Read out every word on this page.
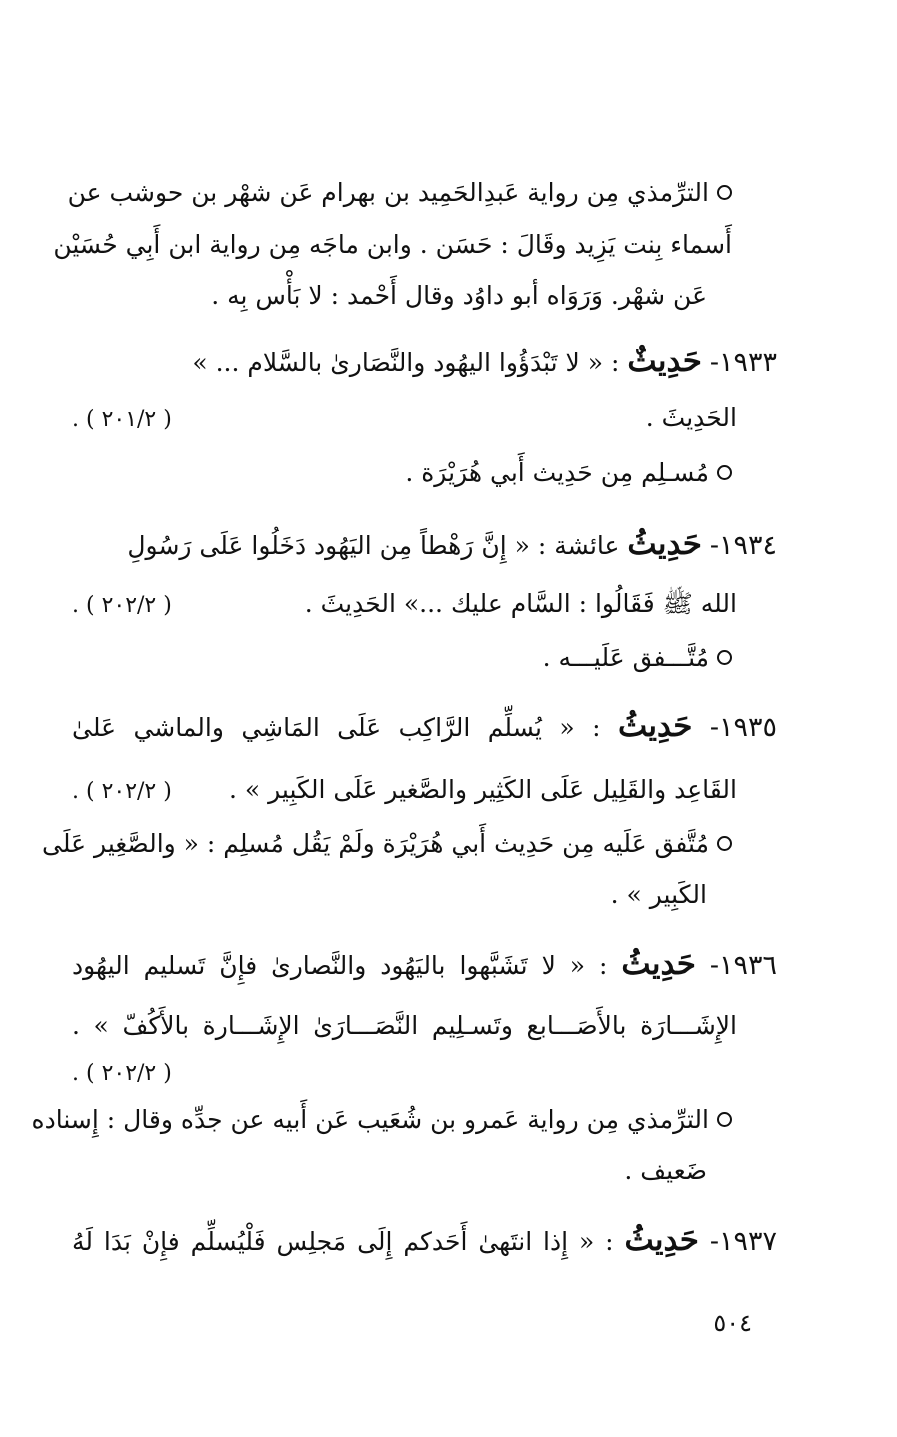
الترِّمذي مِن رواية عَبدِالحَمِيد بن بهرام عَن شهْر بن حوشب عن
أَسماء بِنت يَزِيد وقَالَ : حَسَن . وابن ماجَه مِن رواية ابن أَبِي حُسَيْن
عَن شهْر. وَرَوَاه أبو داوُد وقال أَحْمد : لا بَأْس بِه .
١٩٣٣- حَدِيثٌ : « لا تَبْدَؤُوا اليهُود والنَّصَارىٰ بالسَّلام ... »
الحَدِيثَ .
. ( ٢٠١/٢ )
مُسـلِم مِن حَدِيث أَبي هُرَيْرَة .
١٩٣٤- حَدِيثُ عائشة : « إِنَّ رَهْطاً مِن اليَهُود دَخَلُوا عَلَى رَسُولِ
الله ﷺ فَقَالُوا : السَّام عليك ...» الحَدِيثَ .
. ( ٢٠٢/٢ )
مُتَّـــفق عَلَيـــه .
١٩٣٥- حَدِيثُ : « يُسلِّم الرَّاكِب عَلَى المَاشِي والماشي عَلىٰ
القَاعِد والقَلِيل عَلَى الكَثِير والصَّغير عَلَى الكَبِير » .
. ( ٢٠٢/٢ )
مُتَّفق عَلَيه مِن حَدِيث أَبي هُرَيْرَة ولَمْ يَقُل مُسلِم : « والصَّغِير عَلَى
الكَبِير » .
١٩٣٦- حَدِيثُ : « لا تَشَبَّهوا باليَهُود والنَّصارىٰ فإِنَّ تَسليم اليهُود
الإِشَـــارَة بالأَصَـــابع وتَسـلِيم النَّصَـــارَىٰ الإِشَـــارة بالأَكُفّ » .
. ( ٢٠٢/٢ )
الترِّمذي مِن رواية عَمرو بن شُعَيب عَن أَبيه عن جدِّه وقال : إِسناده
ضَعيف .
١٩٣٧- حَدِيثُ : « إِذا انتَهىٰ أَحَدكم إِلَى مَجلِس فَلْيُسلِّم فإِنْ بَدَا لَهُ
٥٠٤
